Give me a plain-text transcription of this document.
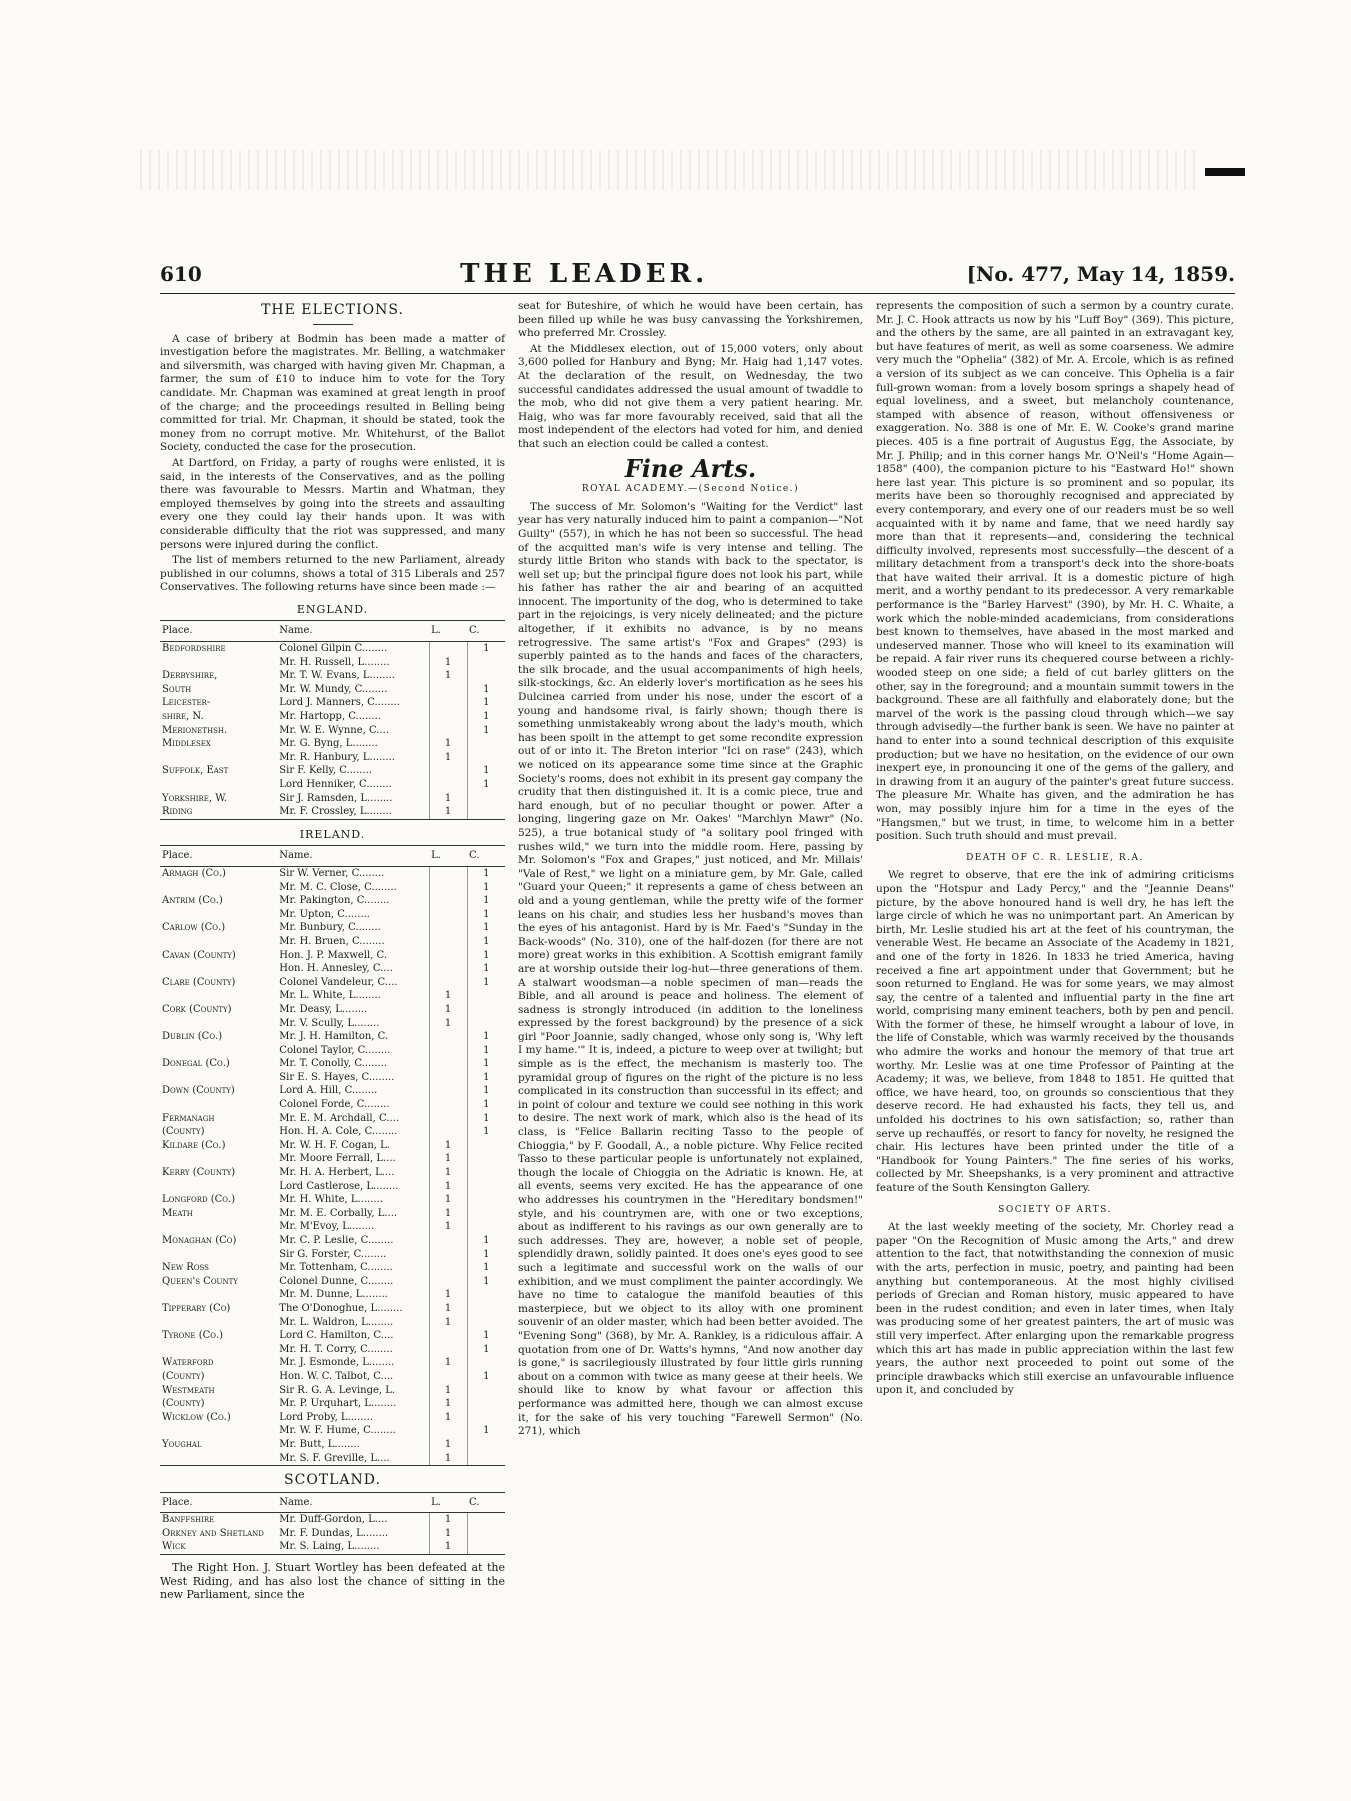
610	THE LEADER.	[No. 477, May 14, 1859.
THE ELECTIONS.

A case of bribery at Bodmin has been made a matter of investigation before the magistrates. Mr. Belling, a watchmaker and silversmith, was charged with having given Mr. Chapman, a farmer, the sum of £10 to induce him to vote for the Tory candidate. Mr. Chapman was examined at great length in proof of the charge; and the proceedings resulted in Belling being committed for trial. Mr. Chapman, it should be stated, took the money from no corrupt motive. Mr. Whitehurst, of the Ballot Society, conducted the case for the prosecution.

At Dartford, on Friday, a party of roughs were enlisted, it is said, in the interests of the Conservatives, and as the polling there was favourable to Messrs. Martin and Whatman, they employed themselves by going into the streets and assaulting every one they could lay their hands upon. It was with considerable difficulty that the riot was suppressed, and many persons were injured during the conflict.

The list of members returned to the new Parliament, already published in our columns, shows a total of 315 Liberals and 257 Conservatives. The following returns have since been made :—

ENGLAND.
Place.	Name.	L.	C.
Bedfordshire	Colonel Gilpin C........		1
	Mr. H. Russell, L........	1	
Derbyshire,	Mr. T. W. Evans, L........	1	
South	Mr. W. Mundy, C........		1
Leicester-	Lord J. Manners, C........		1
shire, N.	Mr. Hartopp, C........		1
Merionethsh.	Mr. W. E. Wynne, C....		1
Middlesex	Mr. G. Byng, L........	1	
	Mr. R. Hanbury, L........	1	
Suffolk, East	Sir F. Kelly, C........		1
	Lord Henniker, C........		1
Yorkshire, W.	Sir J. Ramsden, L........	1	
Riding	Mr. F. Crossley, L........	1	
IRELAND.
Place.	Name.	L.	C.
Armagh (Co.)	Sir W. Verner, C........		1
	Mr. M. C. Close, C........		1
Antrim (Co.)	Mr. Pakington, C........		1
	Mr. Upton, C........		1
Carlow (Co.)	Mr. Bunbury, C........		1
	Mr. H. Bruen, C........		1
Cavan (County)	Hon. J. P. Maxwell, C.		1
	Hon. H. Annesley, C....		1
Clare (County)	Colonel Vandeleur, C....		1
	Mr. L. White, L........	1	
Cork (County)	Mr. Deasy, L........	1	
	Mr. V. Scully, L........	1	
Dublin (Co.)	Mr. J. H. Hamilton, C.		1
	Colonel Taylor, C........		1
Donegal (Co.)	Mr. T. Conolly, C........		1
	Sir E. S. Hayes, C........		1
Down (County)	Lord A. Hill, C........		1
	Colonel Forde, C........		1
Fermanagh	Mr. E. M. Archdall, C....		1
(County)	Hon. H. A. Cole, C........		1
Kildare (Co.)	Mr. W. H. F. Cogan, L.	1	
	Mr. Moore Ferrall, L....	1	
Kerry (County)	Mr. H. A. Herbert, L....	1	
	Lord Castlerose, L........	1	
Longford (Co.)	Mr. H. White, L........	1	
Meath	Mr. M. E. Corbally, L....	1	
	Mr. M'Evoy, L........	1	
Monaghan (Co)	Mr. C. P. Leslie, C........		1
	Sir G. Forster, C........		1
New Ross	Mr. Tottenham, C........		1
Queen's County	Colonel Dunne, C........		1
	Mr. M. Dunne, L........	1	
Tipperary (Co)	The O'Donoghue, L........	1	
	Mr. L. Waldron, L........	1	
Tyrone (Co.)	Lord C. Hamilton, C....		1
	Mr. H. T. Corry, C........		1
Waterford	Mr. J. Esmonde, L........	1	
(County)	Hon. W. C. Talbot, C....		1
Westmeath	Sir R. G. A. Levinge, L.	1	
(County)	Mr. P. Urquhart, L........	1	
Wicklow (Co.)	Lord Proby, L........	1	
	Mr. W. F. Hume, C........		1
Youghal	Mr. Butt, L........	1	
	Mr. S. F. Greville, L....	1	
SCOTLAND.
Place.	Name.	L.	C.
Banffshire	Mr. Duff-Gordon, L....	1	
Orkney and Shetland	Mr. F. Dundas, L........	1	
Wick	Mr. S. Laing, L........	1	

The Right Hon. J. Stuart Wortley has been defeated at the West Riding, and has also lost the chance of sitting in the new Parliament, since the

seat for Buteshire, of which he would have been certain, has been filled up while he was busy canvassing the Yorkshiremen, who preferred Mr. Crossley.

At the Middlesex election, out of 15,000 voters, only about 3,600 polled for Hanbury and Byng; Mr. Haig had 1,147 votes. At the declaration of the result, on Wednesday, the two successful candidates addressed the usual amount of twaddle to the mob, who did not give them a very patient hearing. Mr. Haig, who was far more favourably received, said that all the most independent of the electors had voted for him, and denied that such an election could be called a contest.

Fine Arts.
ROYAL ACADEMY.—(Second Notice.)

The success of Mr. Solomon's "Waiting for the Verdict" last year has very naturally induced him to paint a companion—"Not Guilty" (557), in which he has not been so successful. The head of the acquitted man's wife is very intense and telling. The sturdy little Briton who stands with back to the spectator, is well set up; but the principal figure does not look his part, while his father has rather the air and bearing of an acquitted innocent. The importunity of the dog, who is determined to take part in the rejoicings, is very nicely delineated; and the picture altogether, if it exhibits no advance, is by no means retrogressive. The same artist's "Fox and Grapes" (293) is superbly painted as to the hands and faces of the characters, the silk brocade, and the usual accompaniments of high heels, silk-stockings, &c. An elderly lover's mortification as he sees his Dulcinea carried from under his nose, under the escort of a young and handsome rival, is fairly shown; though there is something unmistakeably wrong about the lady's mouth, which has been spoilt in the attempt to get some recondite expression out of or into it. The Breton interior "Ici on rase" (243), which we noticed on its appearance some time since at the Graphic Society's rooms, does not exhibit in its present gay company the crudity that then distinguished it. It is a comic piece, true and hard enough, but of no peculiar thought or power. After a longing, lingering gaze on Mr. Oakes' "Marchlyn Mawr" (No. 525), a true botanical study of "a solitary pool fringed with rushes wild," we turn into the middle room. Here, passing by Mr. Solomon's "Fox and Grapes," just noticed, and Mr. Millais' "Vale of Rest," we light on a miniature gem, by Mr. Gale, called "Guard your Queen;" it represents a game of chess between an old and a young gentleman, while the pretty wife of the former leans on his chair, and studies less her husband's moves than the eyes of his antagonist. Hard by is Mr. Faed's "Sunday in the Back-woods" (No. 310), one of the half-dozen (for there are not more) great works in this exhibition. A Scottish emigrant family are at worship outside their log-hut—three generations of them. A stalwart woodsman—a noble specimen of man—reads the Bible, and all around is peace and holiness. The element of sadness is strongly introduced (in addition to the loneliness expressed by the forest background) by the presence of a sick girl "Poor Joannie, sadly changed, whose only song is, 'Why left I my hame.'" It is, indeed, a picture to weep over at twilight; but simple as is the effect, the mechanism is masterly too. The pyramidal group of figures on the right of the picture is no less complicated in its construction than successful in its effect; and in point of colour and texture we could see nothing in this work to desire. The next work of mark, which also is the head of its class, is "Felice Ballarin reciting Tasso to the people of Chioggia," by F. Goodall, A., a noble picture. Why Felice recited Tasso to these particular people is unfortunately not explained, though the locale of Chioggia on the Adriatic is known. He, at all events, seems very excited. He has the appearance of one who addresses his countrymen in the "Hereditary bondsmen!" style, and his countrymen are, with one or two exceptions, about as indifferent to his ravings as our own generally are to such addresses. They are, however, a noble set of people, splendidly drawn, solidly painted. It does one's eyes good to see such a legitimate and successful work on the walls of our exhibition, and we must compliment the painter accordingly. We have no time to catalogue the manifold beauties of this masterpiece, but we object to its alloy with one prominent souvenir of an older master, which had been better avoided. The "Evening Song" (368), by Mr. A. Rankley, is a ridiculous affair. A quotation from one of Dr. Watts's hymns, "And now another day is gone," is sacrilegiously illustrated by four little girls running about on a common with twice as many geese at their heels. We should like to know by what favour or affection this performance was admitted here, though we can almost excuse it, for the sake of his very touching "Farewell Sermon" (No. 271), which

represents the composition of such a sermon by a country curate. Mr. J. C. Hook attracts us now by his "Luff Boy" (369). This picture, and the others by the same, are all painted in an extravagant key, but have features of merit, as well as some coarseness. We admire very much the "Ophelia" (382) of Mr. A. Ercole, which is as refined a version of its subject as we can conceive. This Ophelia is a fair full-grown woman: from a lovely bosom springs a shapely head of equal loveliness, and a sweet, but melancholy countenance, stamped with absence of reason, without offensiveness or exaggeration. No. 388 is one of Mr. E. W. Cooke's grand marine pieces. 405 is a fine portrait of Augustus Egg, the Associate, by Mr. J. Philip; and in this corner hangs Mr. O'Neil's "Home Again—1858" (400), the companion picture to his "Eastward Ho!" shown here last year. This picture is so prominent and so popular, its merits have been so thoroughly recognised and appreciated by every contemporary, and every one of our readers must be so well acquainted with it by name and fame, that we need hardly say more than that it represents—and, considering the technical difficulty involved, represents most successfully—the descent of a military detachment from a transport's deck into the shore-boats that have waited their arrival. It is a domestic picture of high merit, and a worthy pendant to its predecessor. A very remarkable performance is the "Barley Harvest" (390), by Mr. H. C. Whaite, a work which the noble-minded academicians, from considerations best known to themselves, have abased in the most marked and undeserved manner. Those who will kneel to its examination will be repaid. A fair river runs its chequered course between a richly-wooded steep on one side; a field of cut barley glitters on the other, say in the foreground; and a mountain summit towers in the background. These are all faithfully and elaborately done; but the marvel of the work is the passing cloud through which—we say through advisedly—the further bank is seen. We have no painter at hand to enter into a sound technical description of this exquisite production; but we have no hesitation, on the evidence of our own inexpert eye, in pronouncing it one of the gems of the gallery, and in drawing from it an augury of the painter's great future success. The pleasure Mr. Whaite has given, and the admiration he has won, may possibly injure him for a time in the eyes of the "Hangsmen," but we trust, in time, to welcome him in a better position. Such truth should and must prevail.

DEATH OF C. R. LESLIE, R.A.

We regret to observe, that ere the ink of admiring criticisms upon the "Hotspur and Lady Percy," and the "Jeannie Deans" picture, by the above honoured hand is well dry, he has left the large circle of which he was no unimportant part. An American by birth, Mr. Leslie studied his art at the feet of his countryman, the venerable West. He became an Associate of the Academy in 1821, and one of the forty in 1826. In 1833 he tried America, having received a fine art appointment under that Government; but he soon returned to England. He was for some years, we may almost say, the centre of a talented and influential party in the fine art world, comprising many eminent teachers, both by pen and pencil. With the former of these, he himself wrought a labour of love, in the life of Constable, which was warmly received by the thousands who admire the works and honour the memory of that true art worthy. Mr. Leslie was at one time Professor of Painting at the Academy; it was, we believe, from 1848 to 1851. He quitted that office, we have heard, too, on grounds so conscientious that they deserve record. He had exhausted his facts, they tell us, and unfolded his doctrines to his own satisfaction; so, rather than serve up rechauffés, or resort to fancy for novelty, he resigned the chair. His lectures have been printed under the title of a "Handbook for Young Painters." The fine series of his works, collected by Mr. Sheepshanks, is a very prominent and attractive feature of the South Kensington Gallery.

SOCIETY OF ARTS.

At the last weekly meeting of the society, Mr. Chorley read a paper "On the Recognition of Music among the Arts," and drew attention to the fact, that notwithstanding the connexion of music with the arts, perfection in music, poetry, and painting had been anything but contemporaneous. At the most highly civilised periods of Grecian and Roman history, music appeared to have been in the rudest condition; and even in later times, when Italy was producing some of her greatest painters, the art of music was still very imperfect. After enlarging upon the remarkable progress which this art has made in public appreciation within the last few years, the author next proceeded to point out some of the principle drawbacks which still exercise an unfavourable influence upon it, and concluded by
